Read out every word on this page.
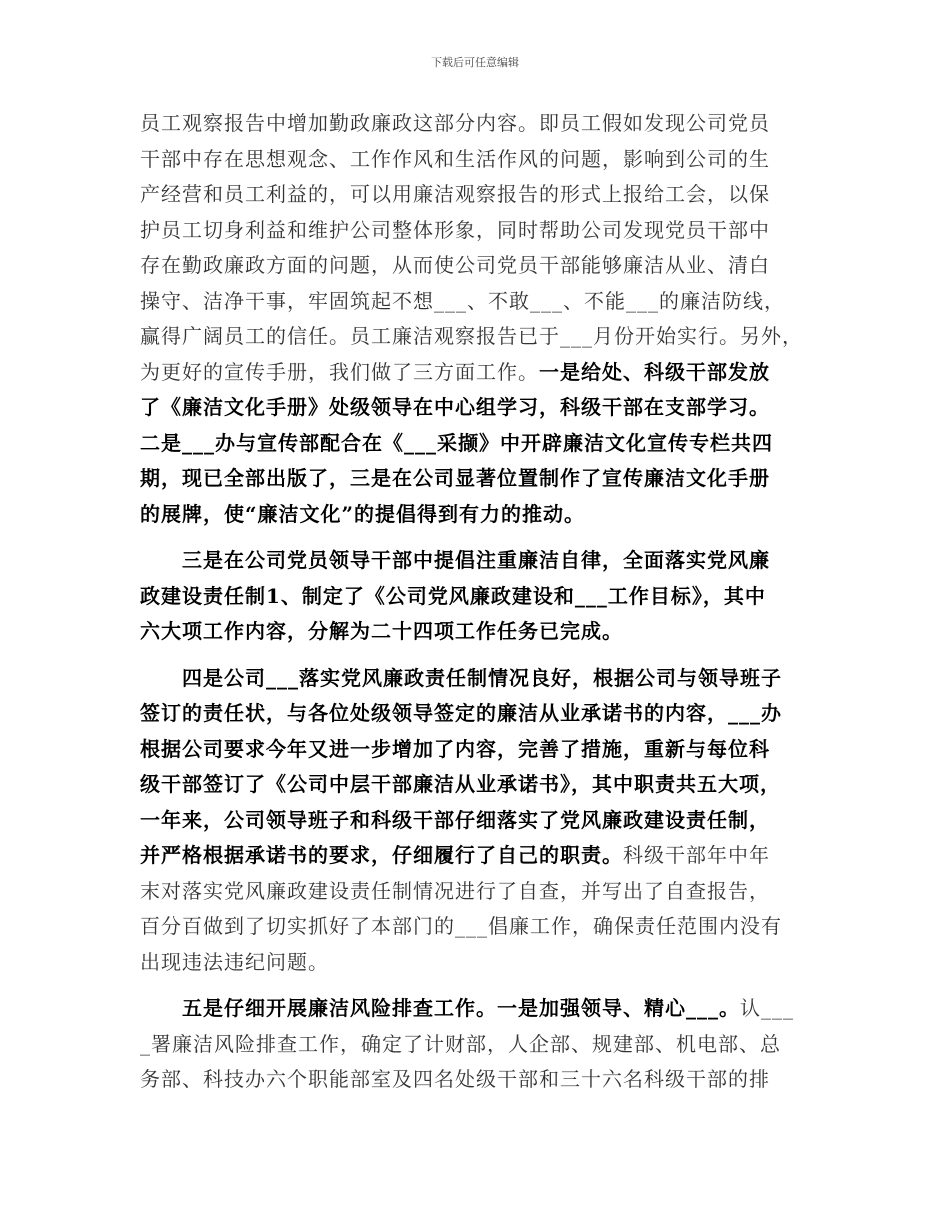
下载后可任意编辑
员工观察报告中增加勤政廉政这部分内容。即员工假如发现公司党员
干部中存在思想观念、工作作风和生活作风的问题，影响到公司的生
产经营和员工利益的，可以用廉洁观察报告的形式上报给工会，以保
护员工切身利益和维护公司整体形象，同时帮助公司发现党员干部中
存在勤政廉政方面的问题，从而使公司党员干部能够廉洁从业、清白
操守、洁净干事，牢固筑起不想___、不敢___、不能___的廉洁防线，
赢得广阔员工的信任。员工廉洁观察报告已于___月份开始实行。另外，
为更好的宣传手册，我们做了三方面工作。一是给处、科级干部发放
了《廉洁文化手册》处级领导在中心组学习，科级干部在支部学习。
二是___办与宣传部配合在《___采撷》中开辟廉洁文化宣传专栏共四
期，现已全部出版了，三是在公司显著位置制作了宣传廉洁文化手册
的展牌，使“廉洁文化”的提倡得到有力的推动。
三是在公司党员领导干部中提倡注重廉洁自律，全面落实党风廉
政建设责任制1、制定了《公司党风廉政建设和___工作目标》，其中
六大项工作内容，分解为二十四项工作任务已完成。
四是公司___落实党风廉政责任制情况良好，根据公司与领导班子
签订的责任状，与各位处级领导签定的廉洁从业承诺书的内容，___办
根据公司要求今年又进一步增加了内容，完善了措施，重新与每位科
级干部签订了《公司中层干部廉洁从业承诺书》，其中职责共五大项，
一年来，公司领导班子和科级干部仔细落实了党风廉政建设责任制，
并严格根据承诺书的要求，仔细履行了自己的职责。科级干部年中年
末对落实党风廉政建设责任制情况进行了自查，并写出了自查报告，
百分百做到了切实抓好了本部门的___倡廉工作，确保责任范围内没有
出现违法违纪问题。
五是仔细开展廉洁风险排查工作。一是加强领导、精心___。认___
_署廉洁风险排查工作，确定了计财部，人企部、规建部、机电部、总
务部、科技办六个职能部室及四名处级干部和三十六名科级干部的排
